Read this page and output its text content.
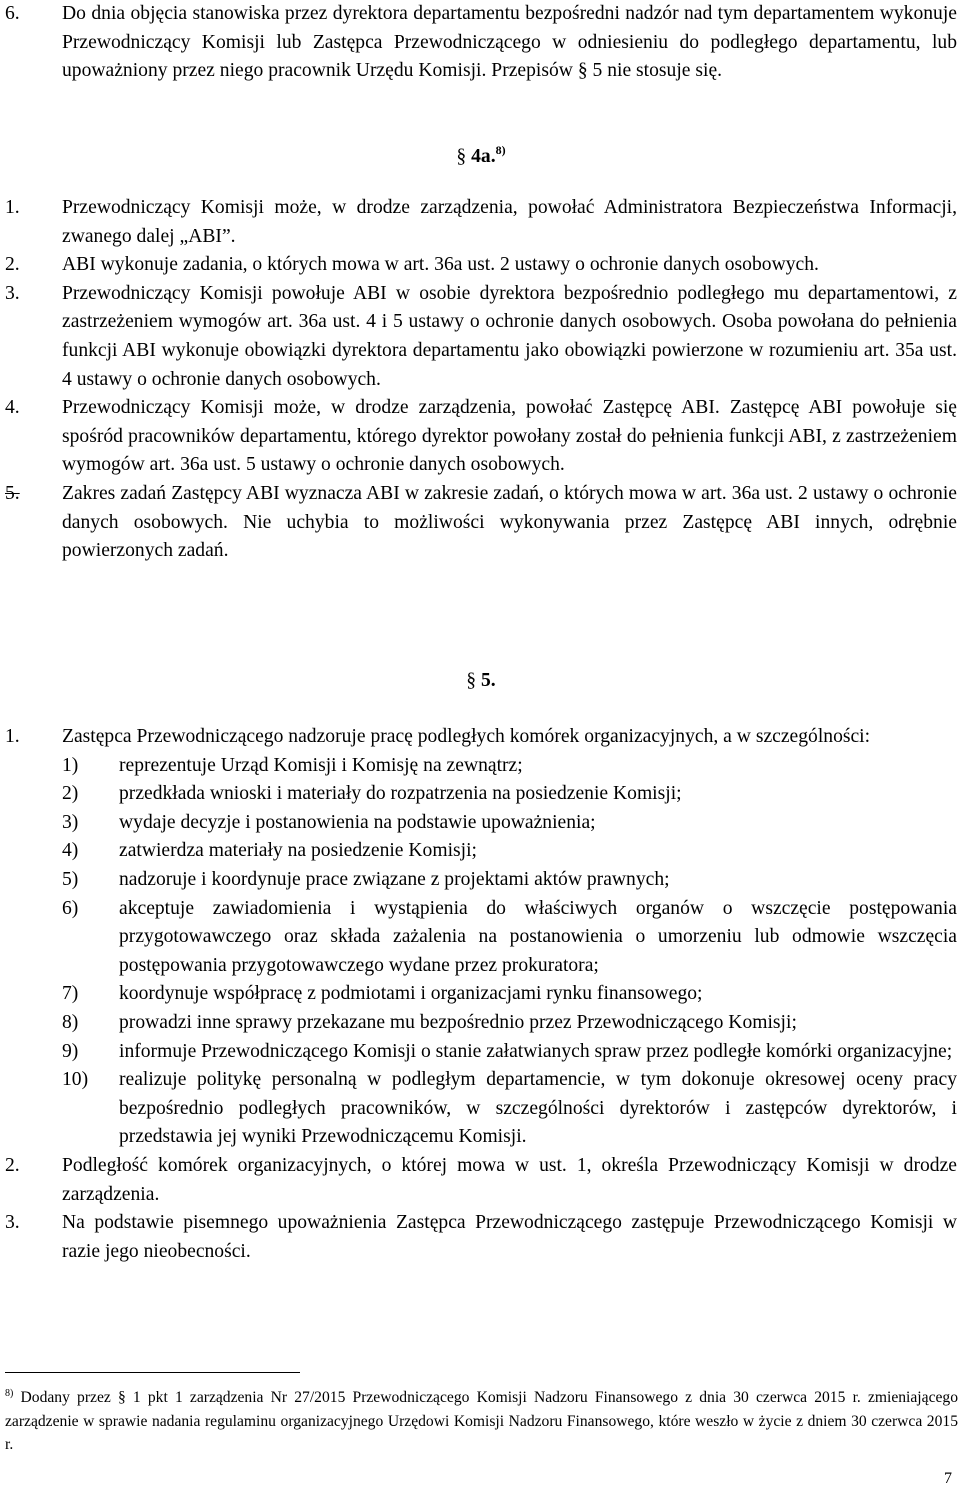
6. Do dnia objęcia stanowiska przez dyrektora departamentu bezpośredni nadzór nad tym departamentem wykonuje Przewodniczący Komisji lub Zastępca Przewodniczącego w odniesieniu do podległego departamentu, lub upoważniony przez niego pracownik Urzędu Komisji. Przepisów § 5 nie stosuje się.
§ 4a.$^{8)}$
1. Przewodniczący Komisji może, w drodze zarządzenia, powołać Administratora Bezpieczeństwa Informacji, zwanego dalej „ABI”.
2. ABI wykonuje zadania, o których mowa w art. 36a ust. 2 ustawy o ochronie danych osobowych.
3. Przewodniczący Komisji powołuje ABI w osobie dyrektora bezpośrednio podległego mu departamentowi, z zastrzeżeniem wymogów art. 36a ust. 4 i 5 ustawy o ochronie danych osobowych. Osoba powołana do pełnienia funkcji ABI wykonuje obowiązki dyrektora departamentu jako obowiązki powierzone w rozumieniu art. 35a ust. 4 ustawy o ochronie danych osobowych.
4. Przewodniczący Komisji może, w drodze zarządzenia, powołać Zastępcę ABI. Zastępcę ABI powołuje się spośród pracowników departamentu, którego dyrektor powołany został do pełnienia funkcji ABI, z zastrzeżeniem wymogów art. 36a ust. 5 ustawy o ochronie danych osobowych.
5. Zakres zadań Zastępcy ABI wyznacza ABI w zakresie zadań, o których mowa w art. 36a ust. 2 ustawy o ochronie danych osobowych. Nie uchybia to możliwości wykonywania przez Zastępcę ABI innych, odrębnie powierzonych zadań.
§ 5.
1. Zastępca Przewodniczącego nadzoruje pracę podległych komórek organizacyjnych, a w szczególności:
1) reprezentuje Urząd Komisji i Komisję na zewnątrz;
2) przedkłada wnioski i materiały do rozpatrzenia na posiedzenie Komisji;
3) wydaje decyzje i postanowienia na podstawie upoważnienia;
4) zatwierdza materiały na posiedzenie Komisji;
5) nadzoruje i koordynuje prace związane z projektami aktów prawnych;
6) akceptuje zawiadomienia i wystąpienia do właściwych organów o wszczęcie postępowania przygotowawczego oraz składa zażalenia na postanowienia o umorzeniu lub odmowie wszczęcia postępowania przygotowawczego wydane przez prokuratora;
7) koordynuje współpracę z podmiotami i organizacjami rynku finansowego;
8) prowadzi inne sprawy przekazane mu bezpośrednio przez Przewodniczącego Komisji;
9) informuje Przewodniczącego Komisji o stanie załatwianych spraw przez podległe komórki organizacyjne;
10) realizuje politykę personalną w podległym departamencie, w tym dokonuje okresowej oceny pracy bezpośrednio podległych pracowników, w szczególności dyrektorów i zastępców dyrektorów, i przedstawia jej wyniki Przewodniczącemu Komisji.
2. Podległość komórek organizacyjnych, o której mowa w ust. 1, określa Przewodniczący Komisji w drodze zarządzenia.
3. Na podstawie pisemnego upoważnienia Zastępca Przewodniczącego zastępuje Przewodniczącego Komisji w razie jego nieobecności.
$^{8)}$ Dodany przez § 1 pkt 1 zarządzenia Nr 27/2015 Przewodniczącego Komisji Nadzoru Finansowego z dnia 30 czerwca 2015 r. zmieniającego zarządzenie w sprawie nadania regulaminu organizacyjnego Urzędowi Komisji Nadzoru Finansowego, które weszło w życie z dniem 30 czerwca 2015 r.
7
